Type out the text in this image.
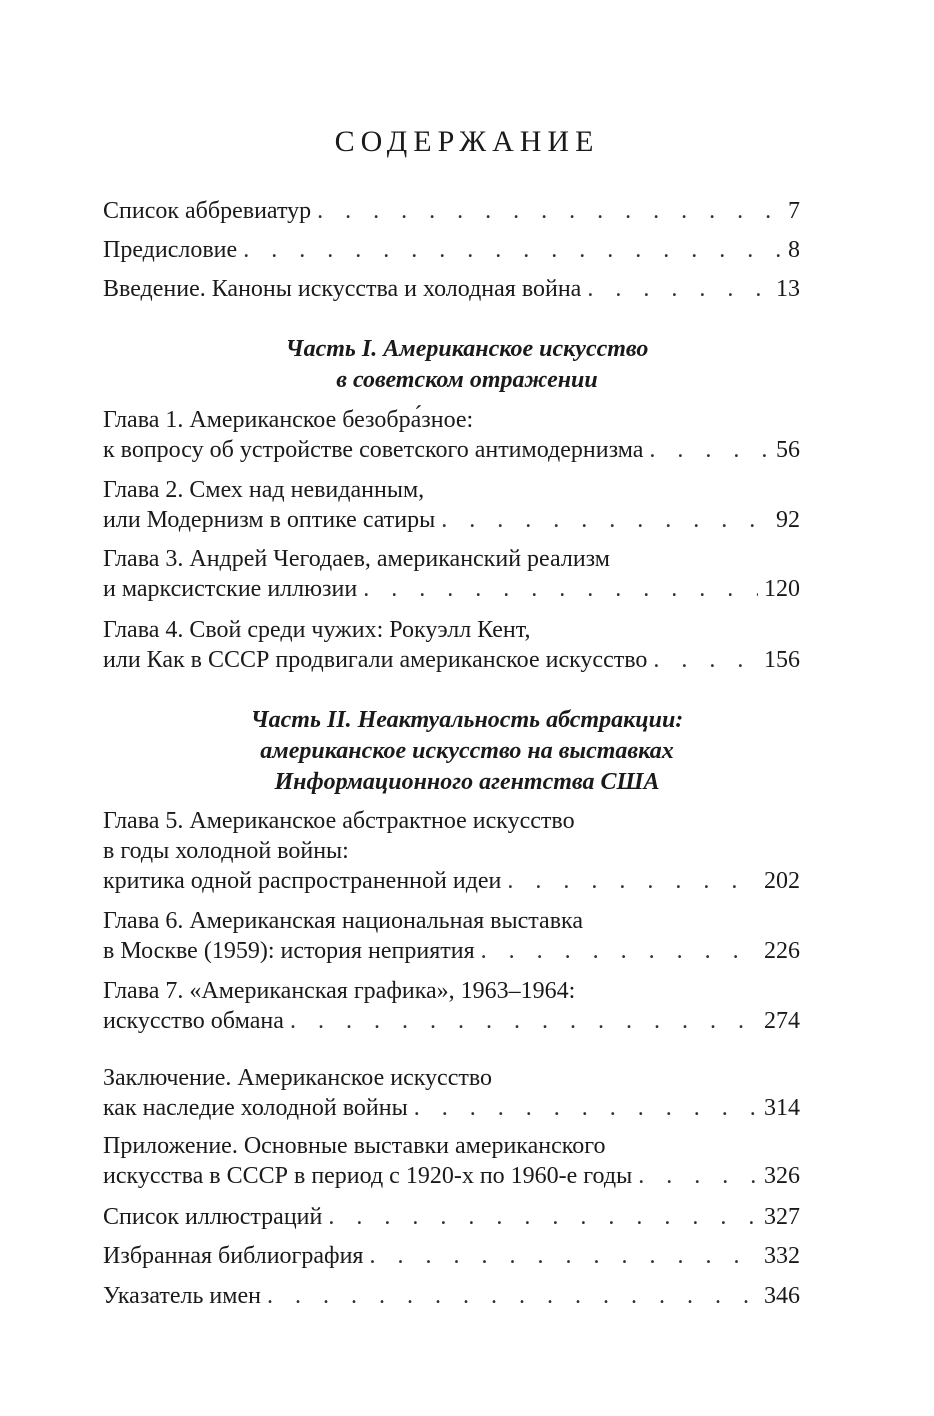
СОДЕРЖАНИЕ
Список аббревиатур . . .	7
Предисловие . . .	8
Введение. Каноны искусства и холодная война . . .	13
Часть I. Американское искусство
в советском отражении
Глава 1. Американское безобра́зное:
к вопросу об устройстве советского антимодернизма . . .	56
Глава 2. Смех над невиданным,
или Модернизм в оптике сатиры . . .	92
Глава 3. Андрей Чегодаев, американский реализм
и марксистские иллюзии . . .	120
Глава 4. Свой среди чужих: Рокуэлл Кент,
или Как в СССР продвигали американское искусство . . .	156
Часть II. Неактуальность абстракции:
американское искусство на выставках
Информационного агентства США
Глава 5. Американское абстрактное искусство
в годы холодной войны:
критика одной распространенной идеи . . .	202
Глава 6. Американская национальная выставка
в Москве (1959): история неприятия . . .	226
Глава 7. «Американская графика», 1963–1964:
искусство обмана . . .	274
Заключение. Американское искусство
как наследие холодной войны . . .	314
Приложение. Основные выставки американского
искусства в СССР в период с 1920-х по 1960-е годы . . .	326
Список иллюстраций . . .	327
Избранная библиография . . .	332
Указатель имен . . .	346
